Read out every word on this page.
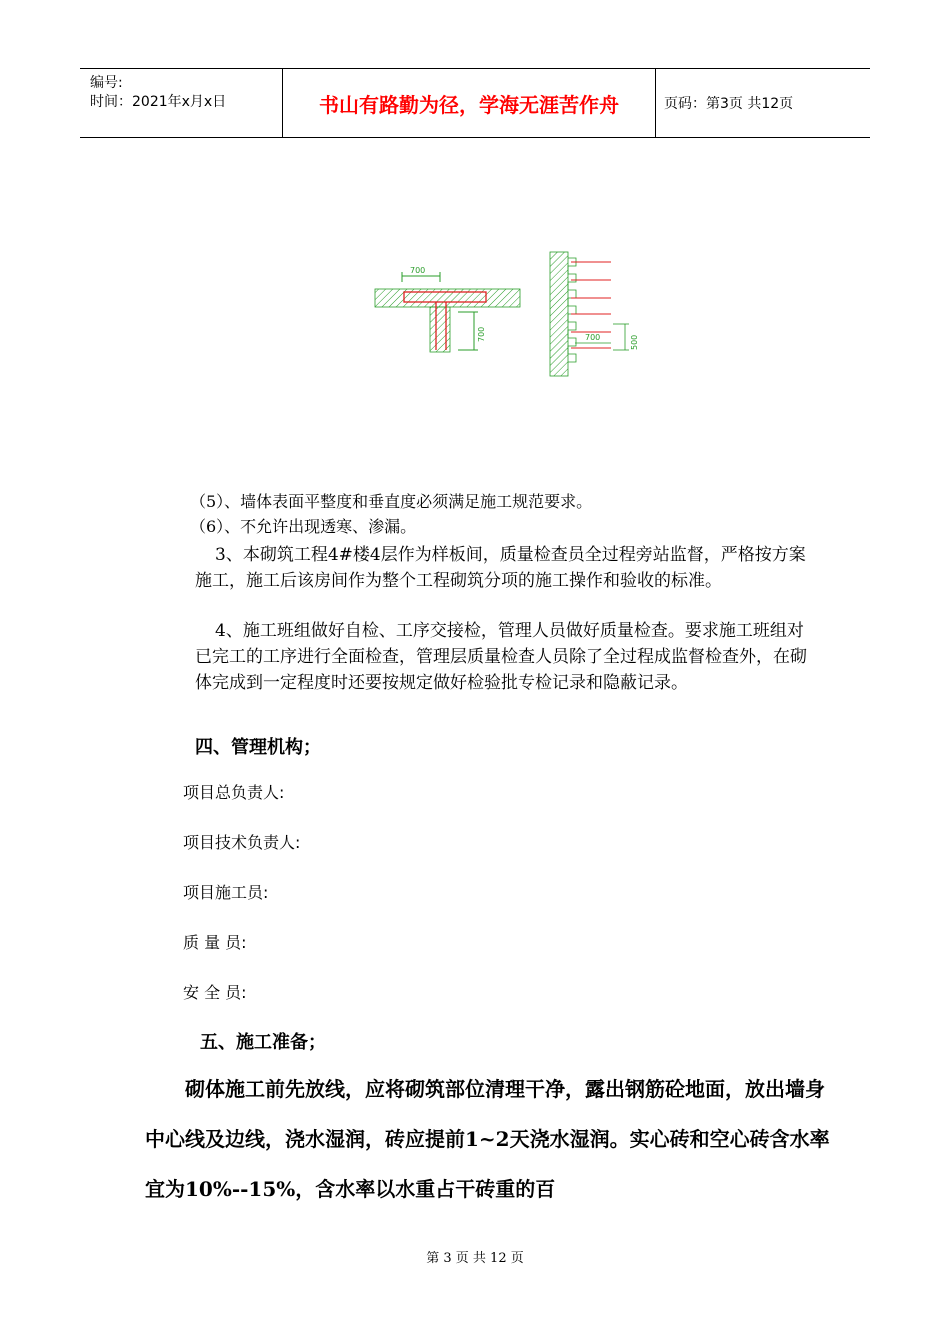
编号:
时间：2021年x月x日	书山有路勤为径，学海无涯苦作舟	页码：第3页 共12页
700
700	700	500
（5）、墙体表面平整度和垂直度必须满足施工规范要求。
（6）、不允许出现透寒、渗漏。
3、本砌筑工程4#楼4层作为样板间，质量检查员全过程旁站监督，严格按方案施工，施工后该房间作为整个工程砌筑分项的施工操作和验收的标准。
4、施工班组做好自检、工序交接检，管理人员做好质量检查。要求施工班组对已完工的工序进行全面检查，管理层质量检查人员除了全过程成监督检查外，在砌体完成到一定程度时还要按规定做好检验批专检记录和隐蔽记录。
四、管理机构；
项目总负责人:
项目技术负责人:
项目施工员:
质 量 员:
安 全 员:
五、施工准备；
砌体施工前先放线，应将砌筑部位清理干净，露出钢筋砼地面，放出墙身中心线及边线，浇水湿润，砖应提前1~2天浇水湿润。实心砖和空心砖含水率宜为10%--15%，含水率以水重占干砖重的百
第 3 页 共 12 页
